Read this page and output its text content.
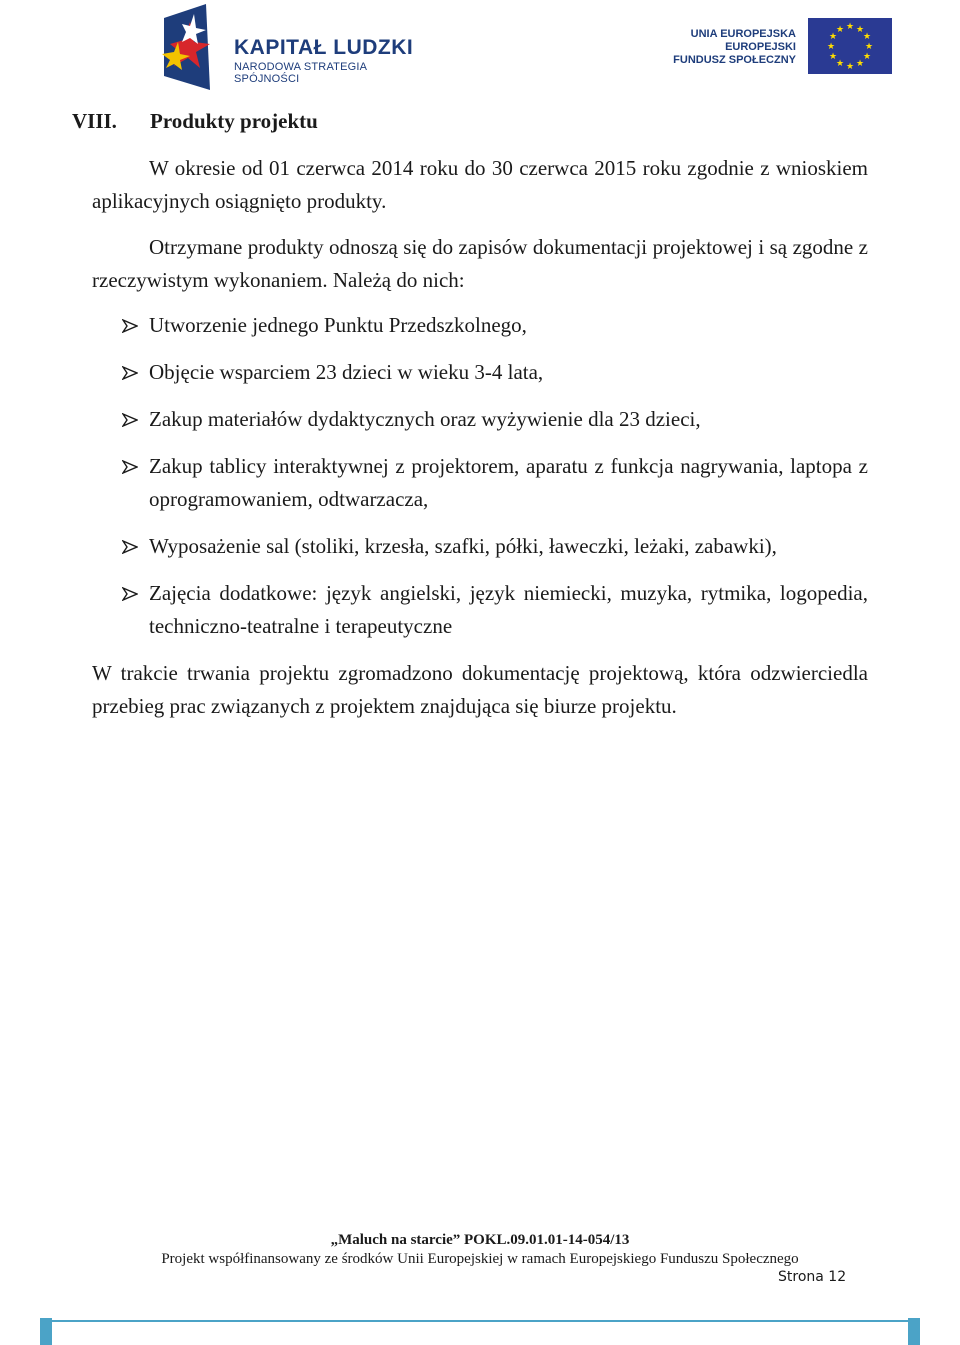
KAPITAŁ LUDZKI
NARODOWA STRATEGIA SPÓJNOŚCI
UNIA EUROPEJSKA
EUROPEJSKI
FUNDUSZ SPOŁECZNY
★ ★
★
★
★
★
★
★
★
★
★
★
VIII. Produkty projektu

W okresie od 01 czerwca 2014 roku do 30 czerwca 2015 roku zgodnie z wnioskiem aplikacyjnych osiągnięto produkty.

Otrzymane produkty odnoszą się do zapisów dokumentacji projektowej i są zgodne z rzeczywistym wykonaniem. Należą do nich:

Utworzenie jednego Punktu Przedszkolnego,
Objęcie wsparciem 23 dzieci w wieku 3-4 lata,
Zakup materiałów dydaktycznych oraz wyżywienie dla 23 dzieci,
Zakup tablicy interaktywnej z projektorem, aparatu z funkcja nagrywania, laptopa z oprogramowaniem, odtwarzacza,
Wyposażenie sal (stoliki, krzesła, szafki, półki, ławeczki, leżaki, zabawki),
Zajęcia dodatkowe: język angielski, język niemiecki, muzyka, rytmika, logopedia, techniczno-teatralne i terapeutyczne

W trakcie trwania projektu zgromadzono dokumentację projektową, która odzwierciedla przebieg prac związanych z projektem znajdująca się biurze projektu.

„Maluch na starcie” POKL.09.01.01-14-054/13
Projekt współfinansowany ze środków Unii Europejskiej w ramach Europejskiego Funduszu Społecznego
Strona 12
